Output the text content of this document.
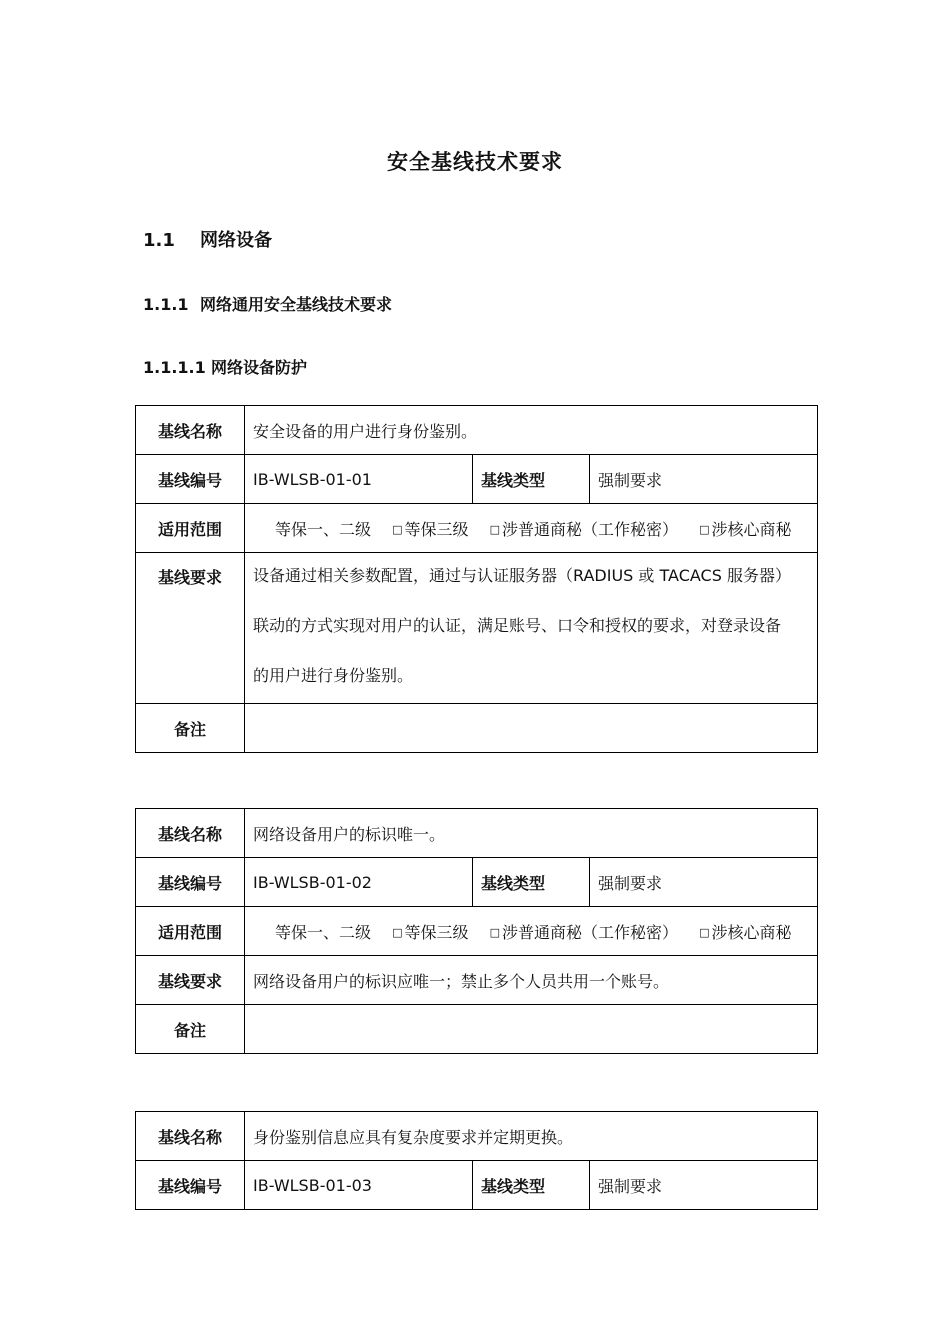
安全基线技术要求
1.1 网络设备
1.1.1 网络通用安全基线技术要求
1.1.1.1 网络设备防护
基线名称	安全设备的用户进行身份鉴别。		
基线编号	IB-WLSB-01-01	基线类型	强制要求
适用范围	等保一、二级 □ 等保三级 □ 涉普通商秘（工作秘密） □ 涉核心商秘		
基线要求	设备通过相关参数配置，通过与认证服务器（RADIUS 或 TACACS 服务器）
联动的方式实现对用户的认证，满足账号、口令和授权的要求，对登录设备
的用户进行身份鉴别。		

备注			
基线名称	网络设备用户的标识唯一。		
基线编号	IB-WLSB-01-02	基线类型	强制要求
适用范围	等保一、二级 □ 等保三级 □ 涉普通商秘（工作秘密） □ 涉核心商秘		
基线要求	网络设备用户的标识应唯一；禁止多个人员共用一个账号。		
备注			
基线名称	身份鉴别信息应具有复杂度要求并定期更换。		
基线编号	IB-WLSB-01-03	基线类型	强制要求
